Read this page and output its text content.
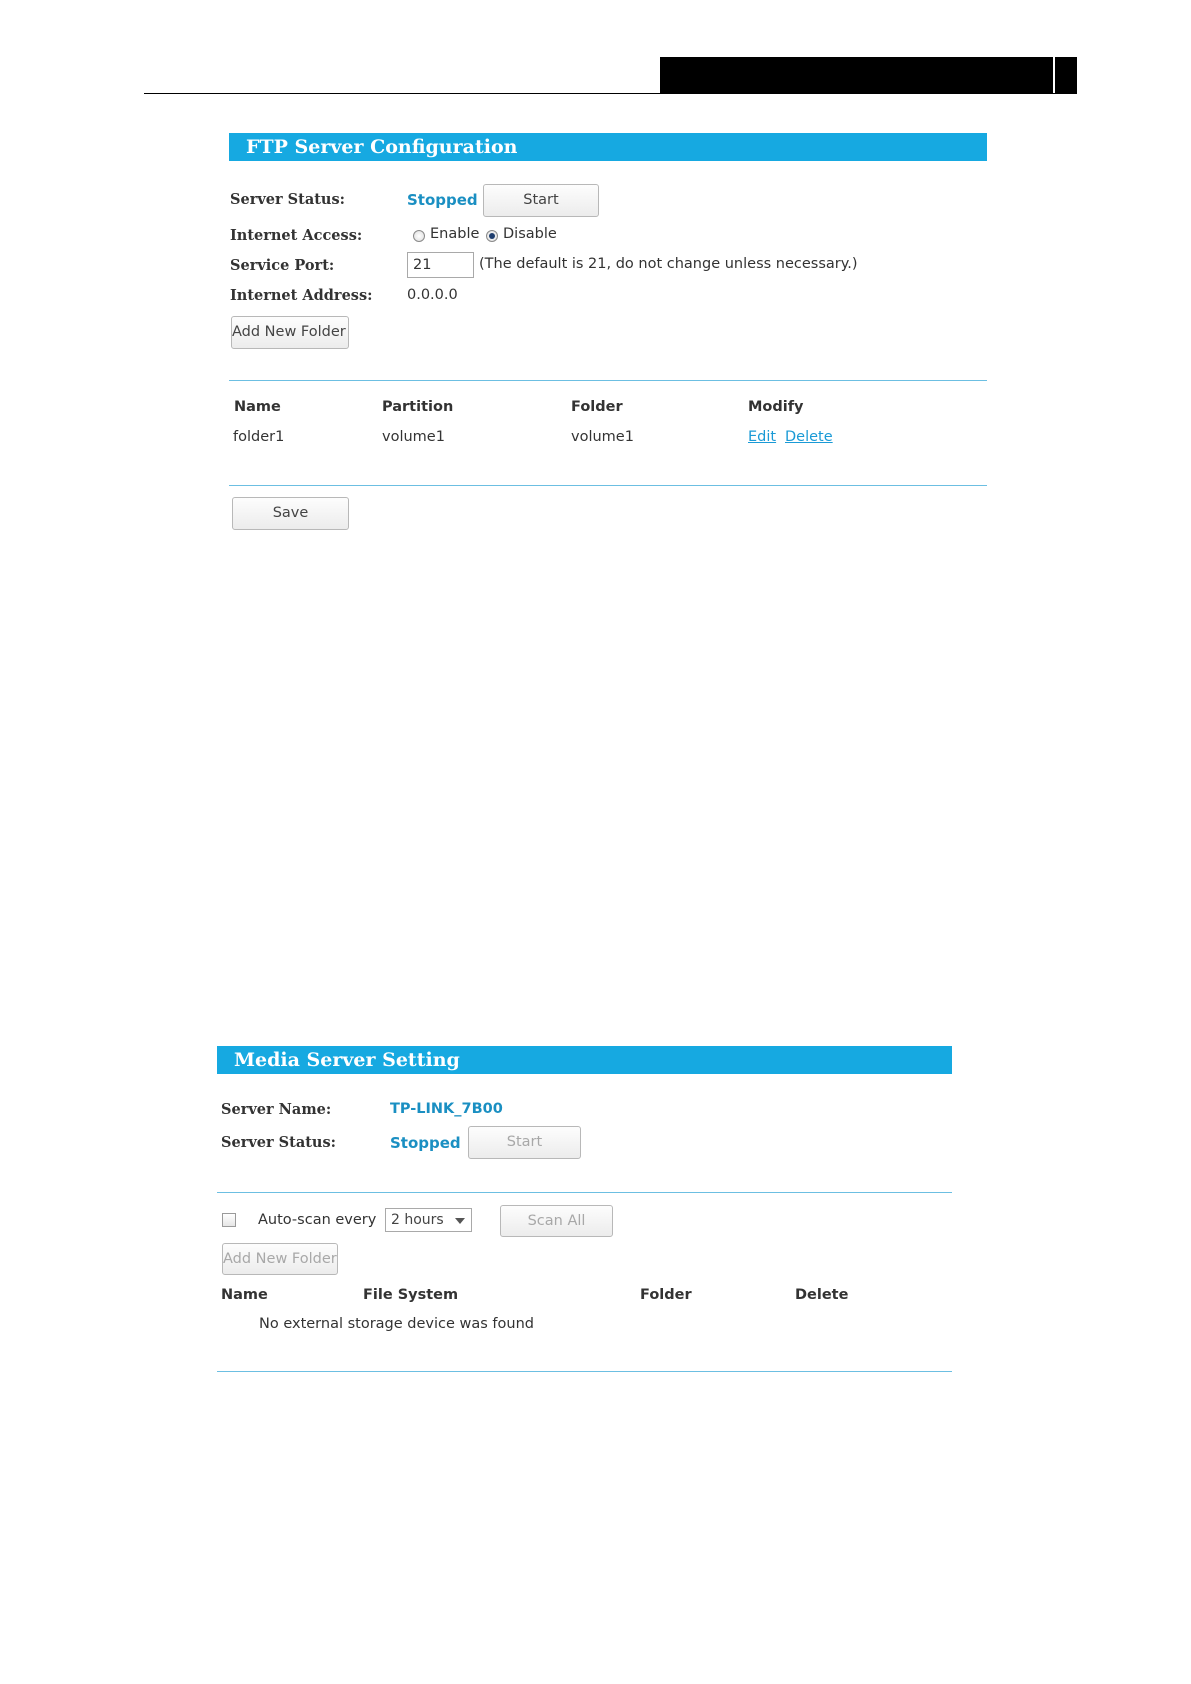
FTP Server Configuration
Server Status:	Stopped	Start
Internet Access:	Enable Disable
Service Port:	21	(The default is 21, do not change unless necessary.)
Internet Address: 0.0.0.0
Add New Folder
Name	Partition	Folder	Modify
folder1	volume1	volume1	Edit Delete
Save
Media Server Setting
Server Name:	TP-LINK_7B00
Server Status:	Stopped	Start
Auto-scan every	2 hours	Scan All
Add New Folder
Name	File System	Folder	Delete
No external storage device was found
